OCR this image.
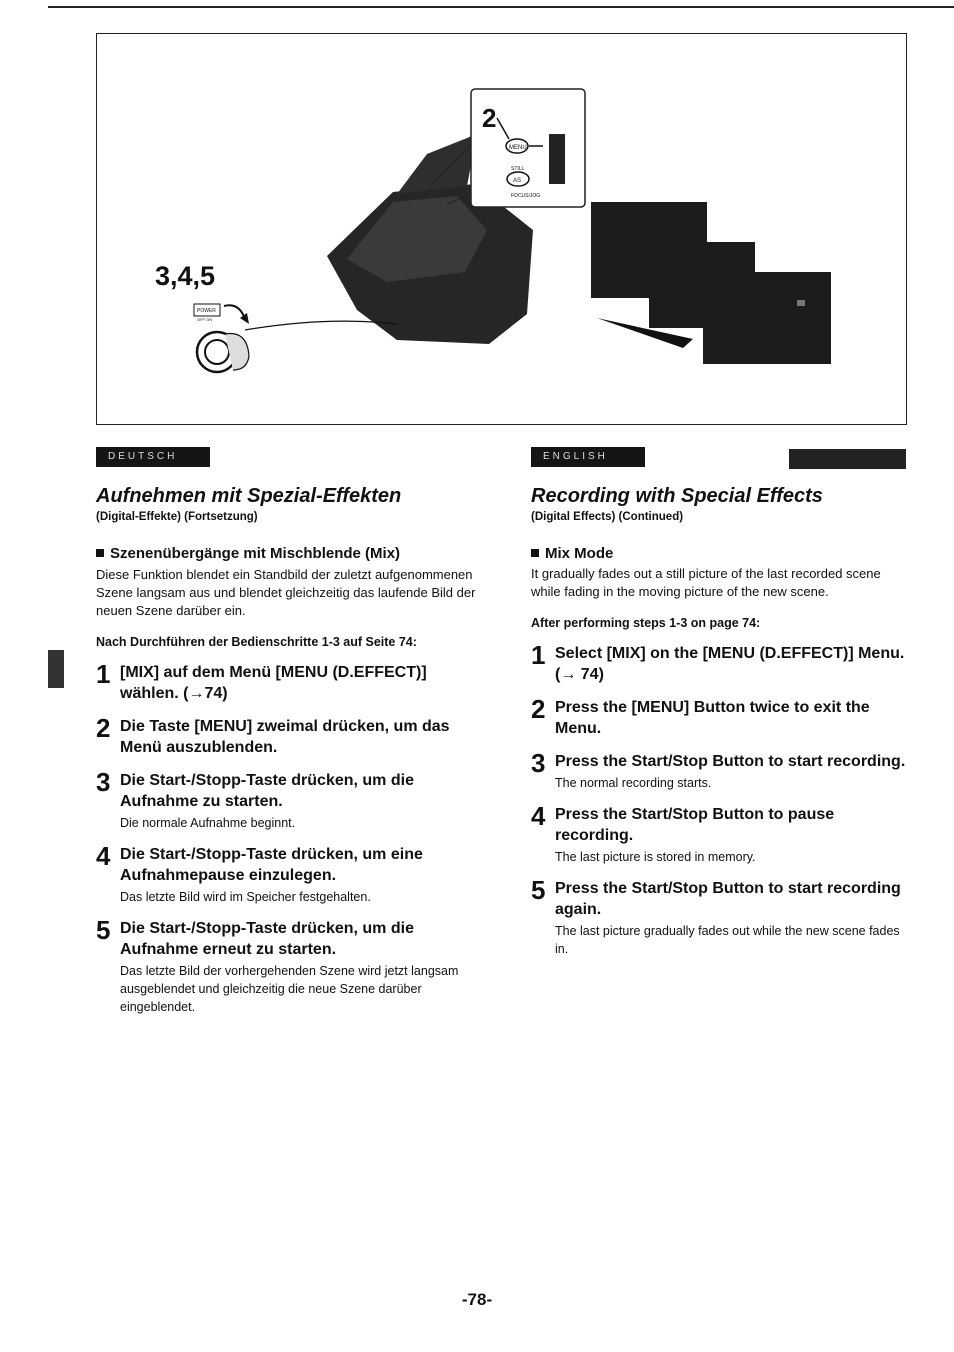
2
MENU
STILL
AS
FOCUS/JOG
3,4,5
POWER
OFF ON
DEUTSCH	ENGLISH
Aufnehmen mit Spezial-Effekten
(Digital-Effekte) (Fortsetzung)
Szenenübergänge mit Mischblende (Mix)
Diese Funktion blendet ein Standbild der zuletzt aufgenommenen Szene langsam aus und blendet gleichzeitig das laufende Bild der neuen Szene darüber ein.
Nach Durchführen der Bedienschritte 1-3 auf Seite 74:
1 [MIX] auf dem Menü [MENU (D.EFFECT)] wählen. (→74)
2 Die Taste [MENU] zweimal drücken, um das Menü auszublenden.
3 Die Start-/Stopp-Taste drücken, um die Aufnahme zu starten.
Die normale Aufnahme beginnt.
4 Die Start-/Stopp-Taste drücken, um eine Aufnahmepause einzulegen.
Das letzte Bild wird im Speicher festgehalten.
5 Die Start-/Stopp-Taste drücken, um die Aufnahme erneut zu starten.
Das letzte Bild der vorhergehenden Szene wird jetzt langsam ausgeblendet und gleichzeitig die neue Szene darüber eingeblendet.
Recording with Special Effects
(Digital Effects) (Continued)
Mix Mode
It gradually fades out a still picture of the last recorded scene while fading in the moving picture of the new scene.
After performing steps 1-3 on page 74:
1 Select [MIX] on the [MENU (D.EFFECT)] Menu. (→ 74)
2 Press the [MENU] Button twice to exit the Menu.
3 Press the Start/Stop Button to start recording.
The normal recording starts.
4 Press the Start/Stop Button to pause recording.
The last picture is stored in memory.
5 Press the Start/Stop Button to start recording again.
The last picture gradually fades out while the new scene fades in.
-78-
